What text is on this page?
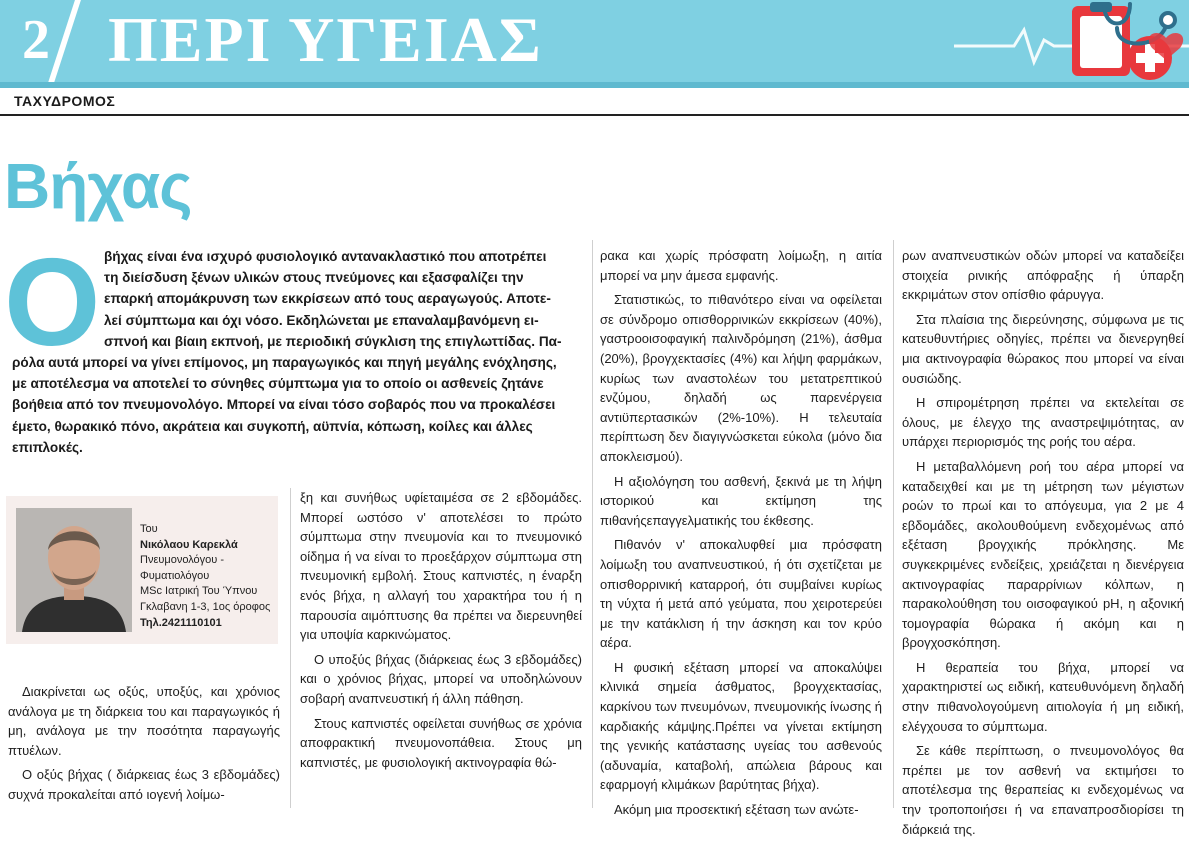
2 ΠΕΡΙ ΥΓΕΙΑΣ
ΤΑΧΥΔΡΟΜΟΣ
Βήχας
Ο βήχας είναι ένα ισχυρό φυσιολογικό αντανακλαστικό που αποτρέπει
τη διείσδυση ξένων υλικών στους πνεύμονες και εξασφαλίζει την
επαρκή απομάκρυνση των εκκρίσεων από τους αεραγωγούς. Αποτε-
λεί σύμπτωμα και όχι νόσο. Εκδηλώνεται με επαναλαμβανόμενη ει-
σπνοή και βίαιη εκπνοή, με περιοδική σύγκλιση της επιγλωττίδας. Πα-
ρόλα αυτά μπορεί να γίνει επίμονος, μη παραγωγικός και πηγή μεγάλης ενόχλησης,
με αποτέλεσμα να αποτελεί το σύνηθες σύμπτωμα για το οποίο οι ασθενείς ζητάνε
βοήθεια από τον πνευμονολόγο. Μπορεί να είναι τόσο σοβαρός που να προκαλέσει
έμετο, θωρακικό πόνο, ακράτεια και συγκοπή, αϋπνία, κόπωση, κοίλες και άλλες
επιπλοκές.
Του
Νικόλαου Καρεκλά
Πνευμονολόγου -
Φυματιολόγου
MSc Ιατρική Του Ύπνου
Γκλαβανη 1-3, 1ος όροφος
Τηλ.2421110101

Διακρίνεται ως οξύς, υποξύς, και χρόνιος ανάλογα με τη διάρκεια του και παραγωγικός ή μη, ανάλογα με την ποσότητα παραγωγής πτυέλων.

Ο οξύς βήχας ( διάρκειας έως 3 εβδομάδες) συχνά προκαλείται από ιογενή λοίμω-

ξη και συνήθως υφίεταιμέσα σε 2 εβδομάδες. Μπορεί ωστόσο ν' αποτελέσει το πρώτο σύμπτωμα στην πνευμονία και το πνευμονικό οίδημα ή να είναι το προεξάρχον σύμπτωμα στη πνευμονική εμβολή. Στους καπνιστές, η έναρξη ενός βήχα, η αλλαγή του χαρακτήρα του ή η παρουσία αιμόπτυσης θα πρέπει να διερευνηθεί για υποψία καρκινώματος.

Ο υποξύς βήχας (διάρκειας έως 3 εβδομάδες) και ο χρόνιος βήχας, μπορεί να υποδηλώνουν σοβαρή αναπνευστική ή άλλη πάθηση.

Στους καπνιστές οφείλεται συνήθως σε χρόνια αποφρακτική πνευμονοπάθεια. Στους μη καπνιστές, με φυσιολογική ακτινογραφία θώ-

ρακα και χωρίς πρόσφατη λοίμωξη, η αιτία μπορεί να μην άμεσα εμφανής.

Στατιστικώς, το πιθανότερο είναι να οφείλεται σε σύνδρομο οπισθορρινικών εκκρίσεων (40%), γαστροοισοφαγική παλινδρόμηση (21%), άσθμα (20%), βρογχεκτασίες (4%) και λήψη φαρμάκων, κυρίως των αναστολέων του μετατρεπτικού ενζύμου, δηλαδή ως παρενέργεια αντιϋπερτασικών (2%-10%). Η τελευταία περίπτωση δεν διαγιγνώσκεται εύκολα (μόνο δια αποκλεισμού).

Η αξιολόγηση του ασθενή, ξεκινά με τη λήψη ιστορικού και εκτίμηση της πιθανήςεπαγγελματικής του έκθεσης.

Πιθανόν ν' αποκαλυφθεί μια πρόσφατη λοίμωξη του αναπνευστικού, ή ότι σχετίζεται με οπισθορρινική καταρροή, ότι συμβαίνει κυρίως τη νύχτα ή μετά από γεύματα, που χειροτερεύει με την κατάκλιση ή την άσκηση και τον κρύο αέρα.

Η φυσική εξέταση μπορεί να αποκαλύψει κλινικά σημεία άσθματος, βρογχεκτασίας, καρκίνου των πνευμόνων, πνευμονικής ίνωσης ή καρδιακής κάμψης.Πρέπει να γίνεται εκτίμηση της γενικής κατάστασης υγείας του ασθενούς (αδυναμία, καταβολή, απώλεια βάρους και εφαρμογή κλιμάκων βαρύτητας βήχα).

Ακόμη μια προσεκτική εξέταση των ανώτε-

ρων αναπνευστικών οδών μπορεί να καταδείξει στοιχεία ρινικής απόφραξης ή ύπαρξη εκκριμάτων στον οπίσθιο φάρυγγα.

Στα πλαίσια της διερεύνησης, σύμφωνα με τις κατευθυντήριες οδηγίες, πρέπει να διενεργηθεί μια ακτινογραφία θώρακος που μπορεί να είναι ουσιώδης.

Η σπιρομέτρηση πρέπει να εκτελείται σε όλους, με έλεγχο της αναστρεψιμότητας, αν υπάρχει περιορισμός της ροής του αέρα.

Η μεταβαλλόμενη ροή του αέρα μπορεί να καταδειχθεί και με τη μέτρηση των μέγιστων ροών το πρωί και το απόγευμα, για 2 με 4 εβδομάδες, ακολουθούμενη ενδεχομένως από εξέταση βρογχικής πρόκλησης. Με συγκεκριμένες ενδείξεις, χρειάζεται η διενέργεια ακτινογραφίας παραρρίνιων κόλπων, η παρακολούθηση του οισοφαγικού pH, η αξονική τομογραφία θώρακα ή ακόμη και η βρογχοσκόπηση.

Η θεραπεία του βήχα, μπορεί να χαρακτηριστεί ως ειδική, κατευθυνόμενη δηλαδή στην πιθανολογούμενη αιτιολογία ή μη ειδική, ελέγχουσα το σύμπτωμα.

Σε κάθε περίπτωση, ο πνευμονολόγος θα πρέπει με τον ασθενή να εκτιμήσει το αποτέλεσμα της θεραπείας κι ενδεχομένως να την τροποποιήσει ή να επαναπροσδιορίσει τη διάρκειά της.
